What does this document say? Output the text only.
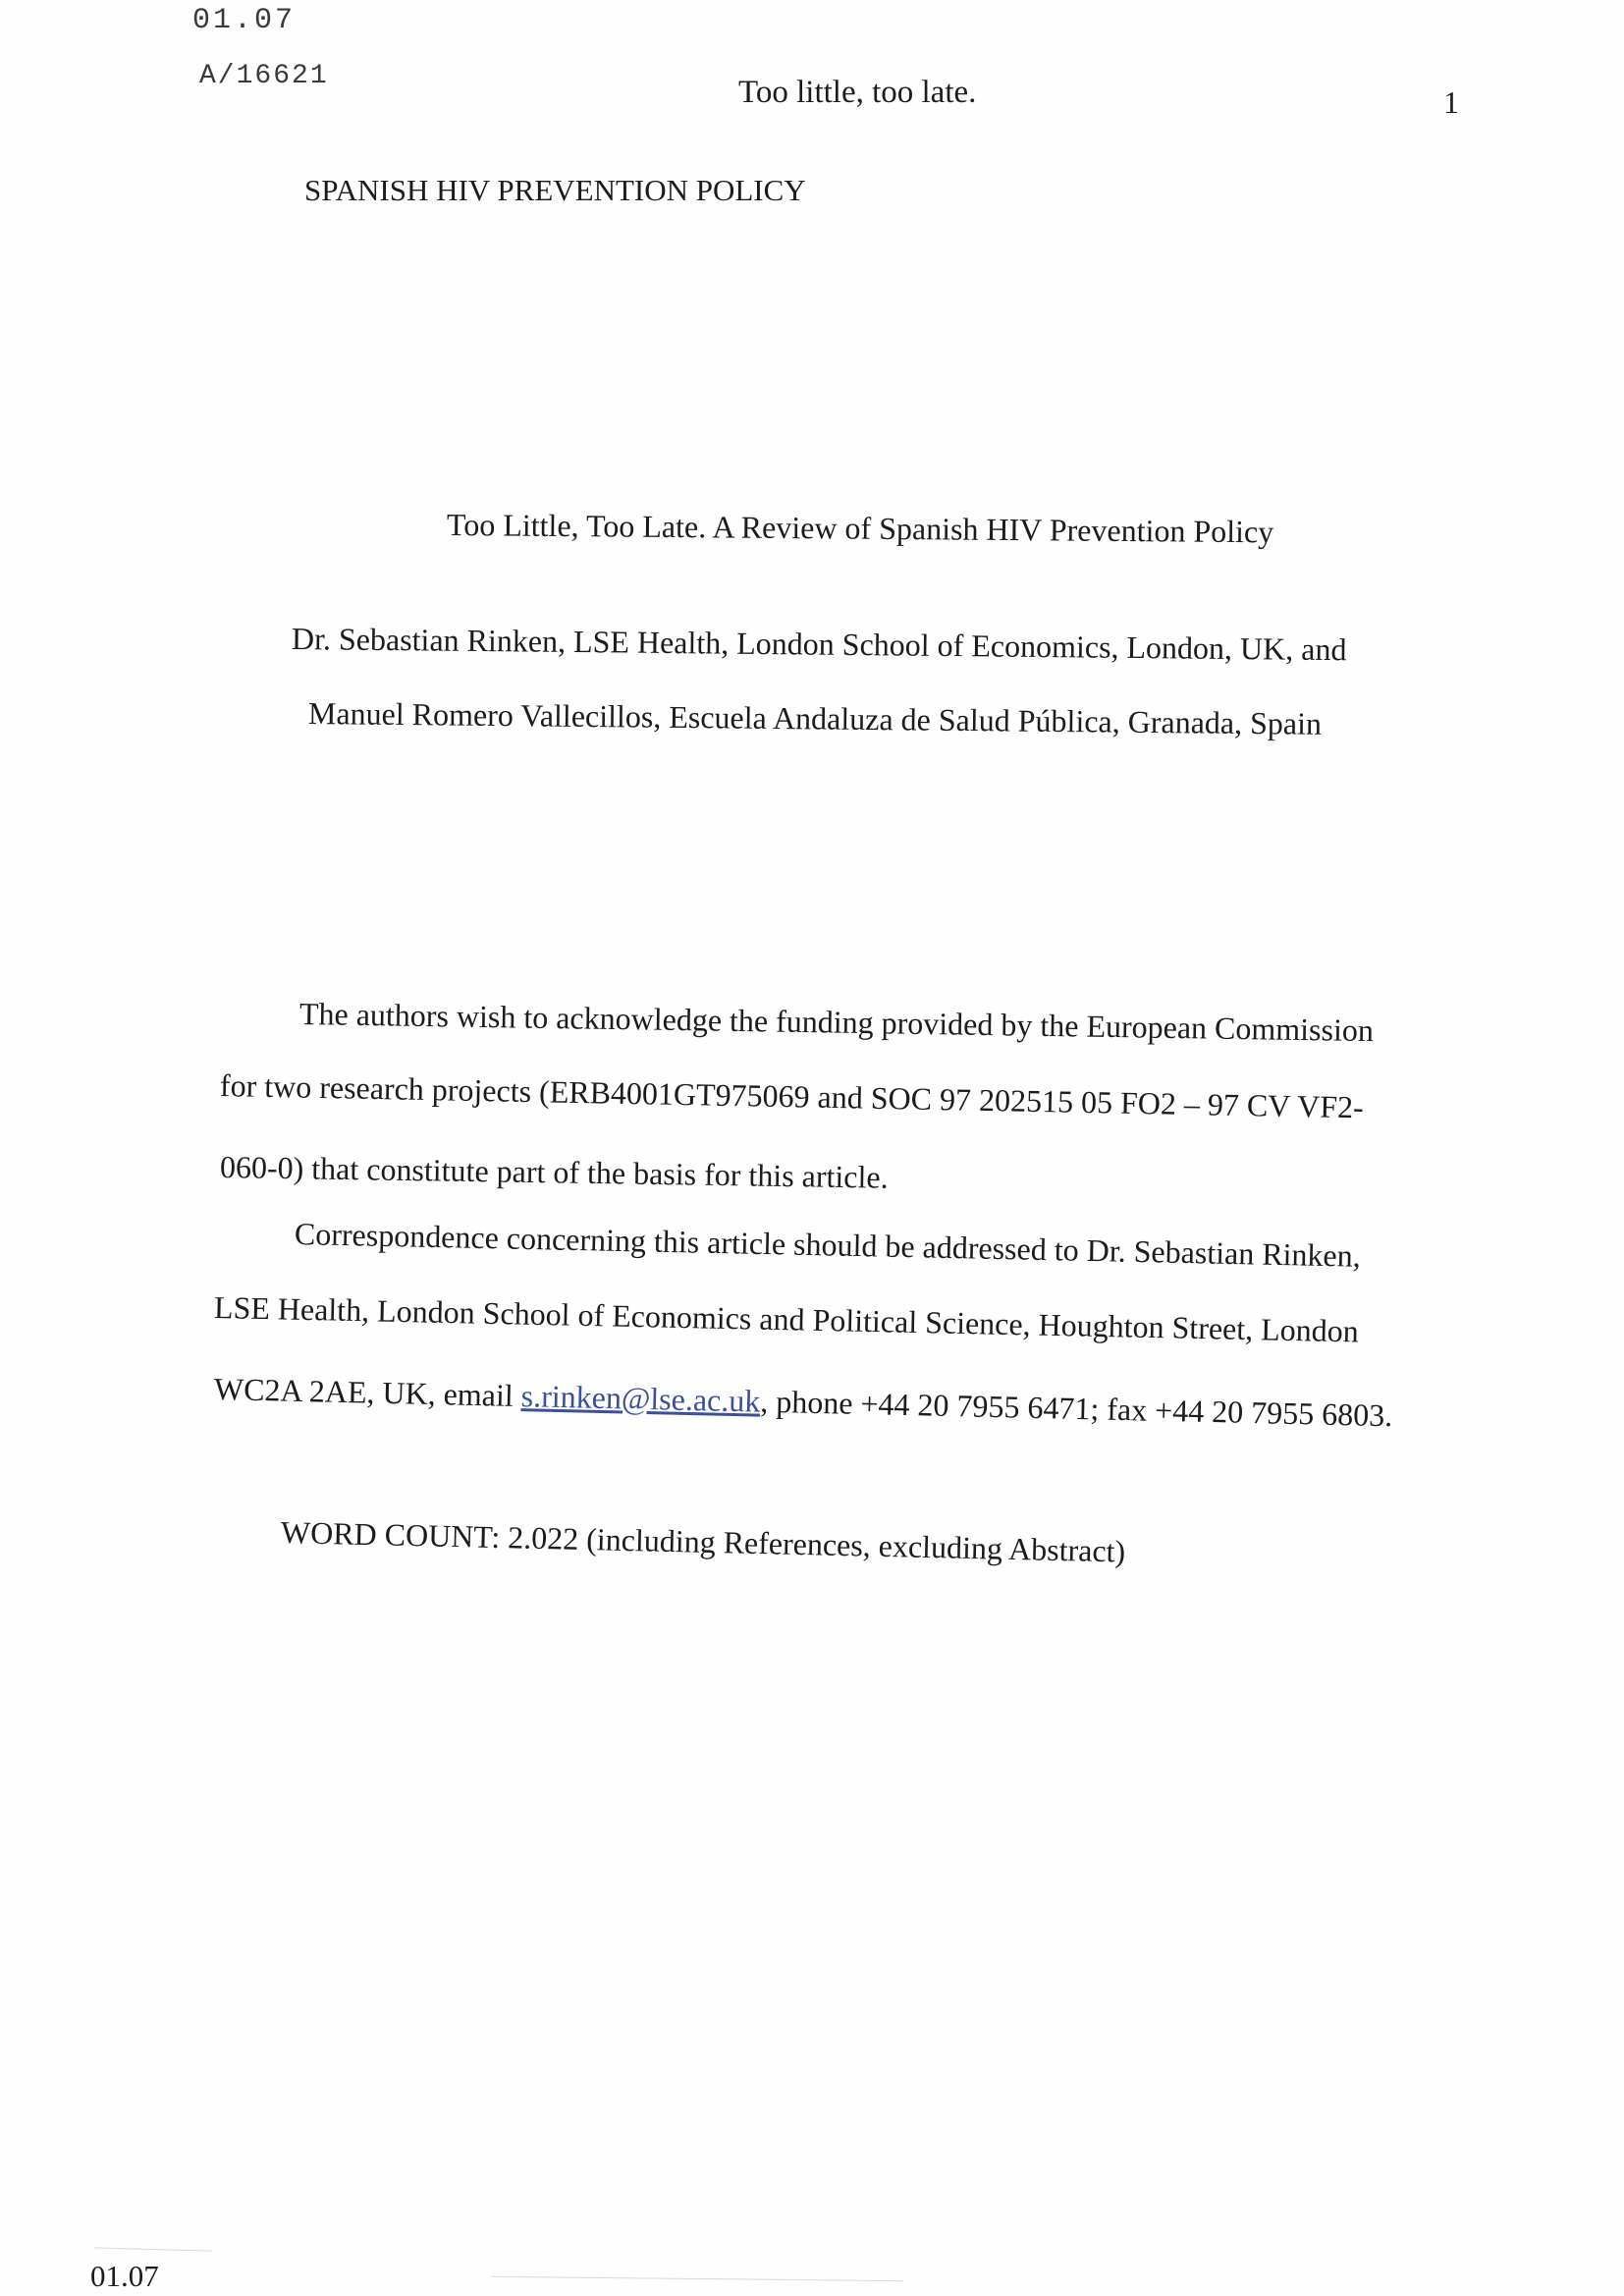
01.07
A/16621	Too little, too late.	1
SPANISH HIV PREVENTION POLICY
Too Little, Too Late. A Review of Spanish HIV Prevention Policy
Dr. Sebastian Rinken, LSE Health, London School of Economics, London, UK, and
Manuel Romero Vallecillos, Escuela Andaluza de Salud Pública, Granada, Spain
The authors wish to acknowledge the funding provided by the European Commission
for two research projects (ERB4001GT975069 and SOC 97 202515 05 FO2 – 97 CV VF2-
060-0) that constitute part of the basis for this article.
Correspondence concerning this article should be addressed to Dr. Sebastian Rinken,
LSE Health, London School of Economics and Political Science, Houghton Street, London
WC2A 2AE, UK, email s.rinken@lse.ac.uk, phone +44 20 7955 6471; fax +44 20 7955 6803.
WORD COUNT: 2.022 (including References, excluding Abstract)
01.07
